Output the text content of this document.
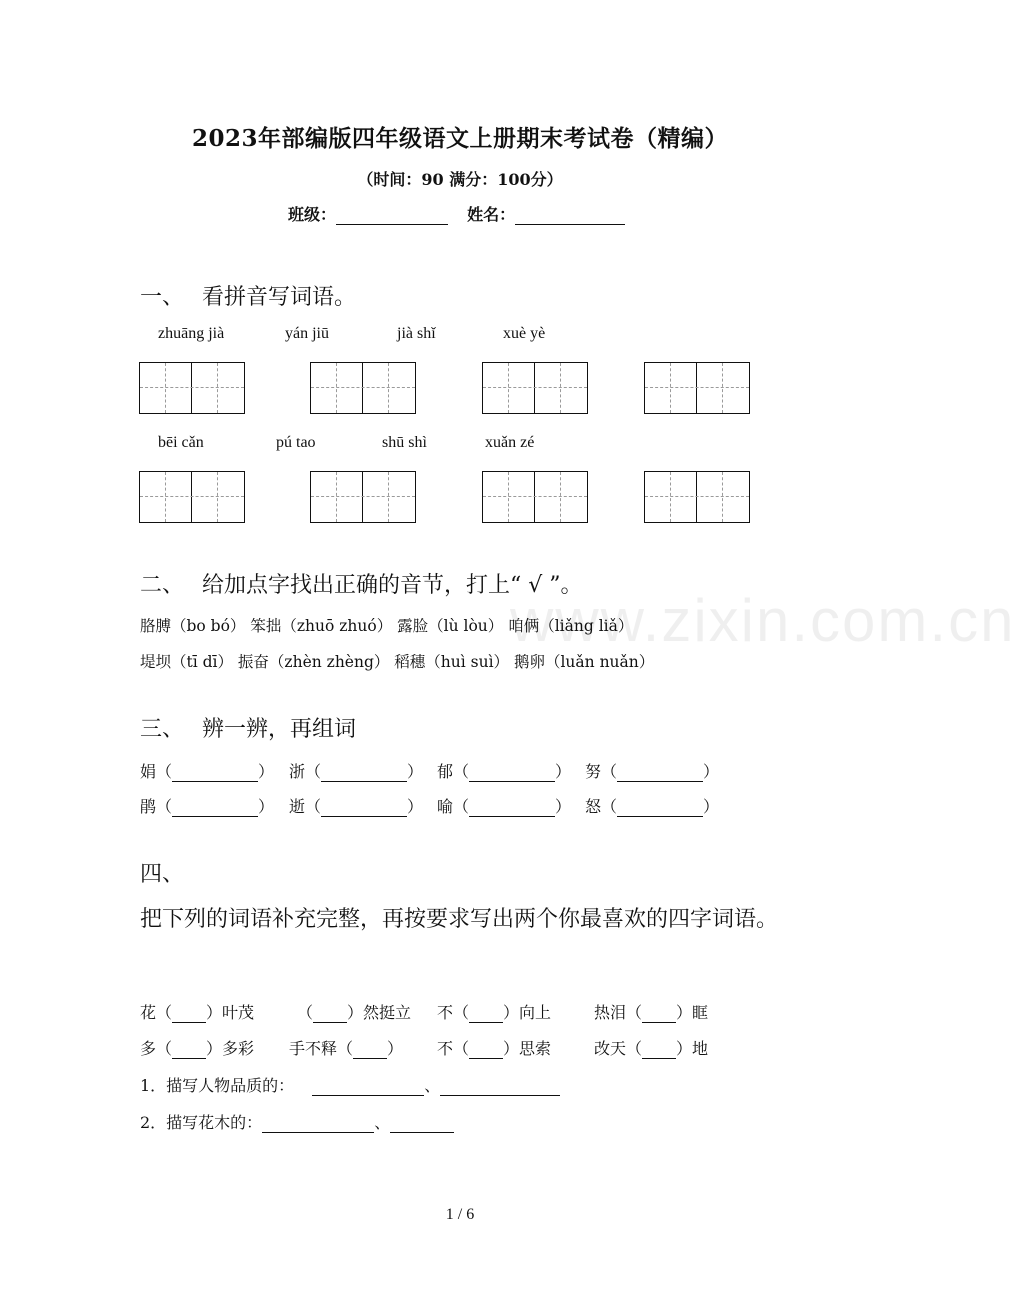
www.zixin.com.cn
2023年部编版四年级语文上册期末考试卷（精编）
（时间：90 满分：100分）
班级：	姓名：
一、 看拼音写词语。
zhuāng jià	yán jiū	jià shǐ	xuè yè
bēi cǎn	pú tao	shū shì	xuǎn zé
二、 给加点字找出正确的音节，打上“ √ ”。
胳膊（bo bó） 笨拙（zhuō zhuó） 露脸（lù lòu） 咱俩（liǎng liǎ）
堤坝（tī dī） 振奋（zhèn zhèng） 稻穗（huì suì） 鹅卵（luǎn nuǎn）
三、 辨一辨，再组词
娟（	） 浙（	） 郁（	） 努（	）
鹃（	） 逝（	） 喻（	） 怒（	）
四、
把下列的词语补充完整，再按要求写出两个你最喜欢的四字词语。
花（ ）叶茂	（ ）然挺立 不（ ）向上	热泪（ ）眶
多（ ）多彩 手不释（ ） 不（ ）思索	改天（ ）地
1．描写人物品质的：	、
2．描写花木的：	、
1 / 6
